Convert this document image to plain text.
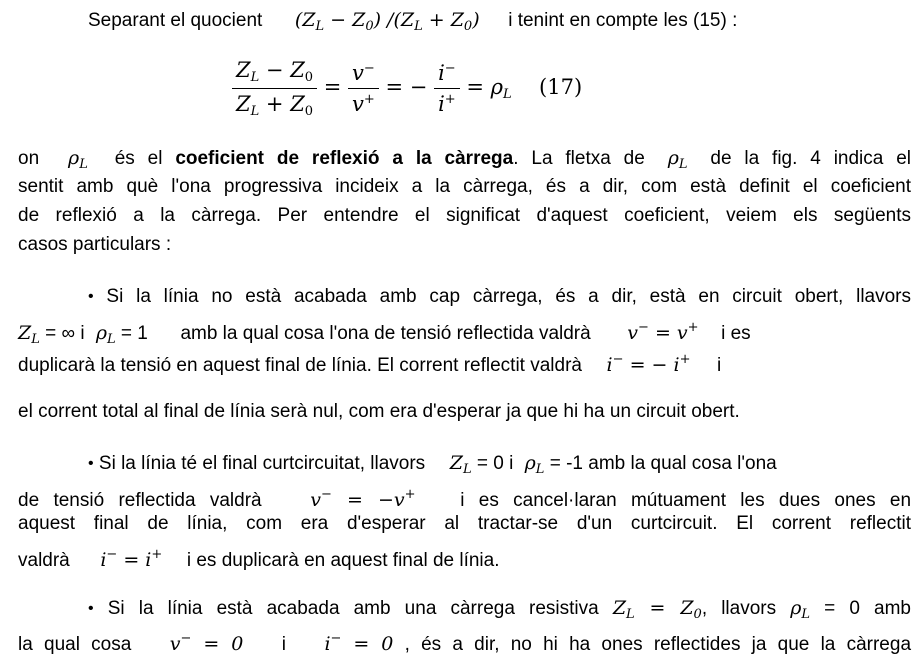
Separant el quocient $(Z_L - Z_0) /(Z_L + Z_0)$ i tenint en compte les (15) :
$\frac{Z_L - Z_0}{Z_L + Z_0} = \frac{v^-}{v^+}$ = − $\frac{i^-}{i^+} = \rho_L$ (17)
on $\rho_L$ és el coeficient de reflexió a la càrrega. La fletxa de $\rho_L$ de la fig. 4 indica el
sentit amb què l'ona progressiva incideix a la càrrega, és a dir, com està definit el coeficient
de reflexió a la càrrega. Per entendre el significat d'aquest coeficient, veiem els següents
casos particulars :
• Si la línia no està acabada amb cap càrrega, és a dir, està en circuit obert, llavors
$Z_L$ = ∞ i $\rho_L = 1$ amb la qual cosa l'ona de tensió reflectida valdrà v− = v+ i es
duplicarà la tensió en aquest final de línia. El corrent reflectit valdrà i− = − i+ i
el corrent total al final de línia serà nul, com era d'esperar ja que hi ha un circuit obert.
• Si la línia té el final curtcircuitat, llavors $Z_L = 0$ i $\rho_L = -1$ amb la qual cosa l'ona
de tensió reflectida valdrà	v− = −v+ i es cancel·laran mútuament les dues ones en
aquest final de línia, com era d'esperar al tractar-se d'un curtcircuit. El corrent reflectit
valdrà i− = i+ i es duplicarà en aquest final de línia.
• Si la línia està acabada amb una càrrega resistiva $Z_L = Z_0$, llavors $\rho_L = 0$ amb
la qual cosa v− = 0 i i− = 0 , és a dir, no hi ha ones reflectides ja que la càrrega
